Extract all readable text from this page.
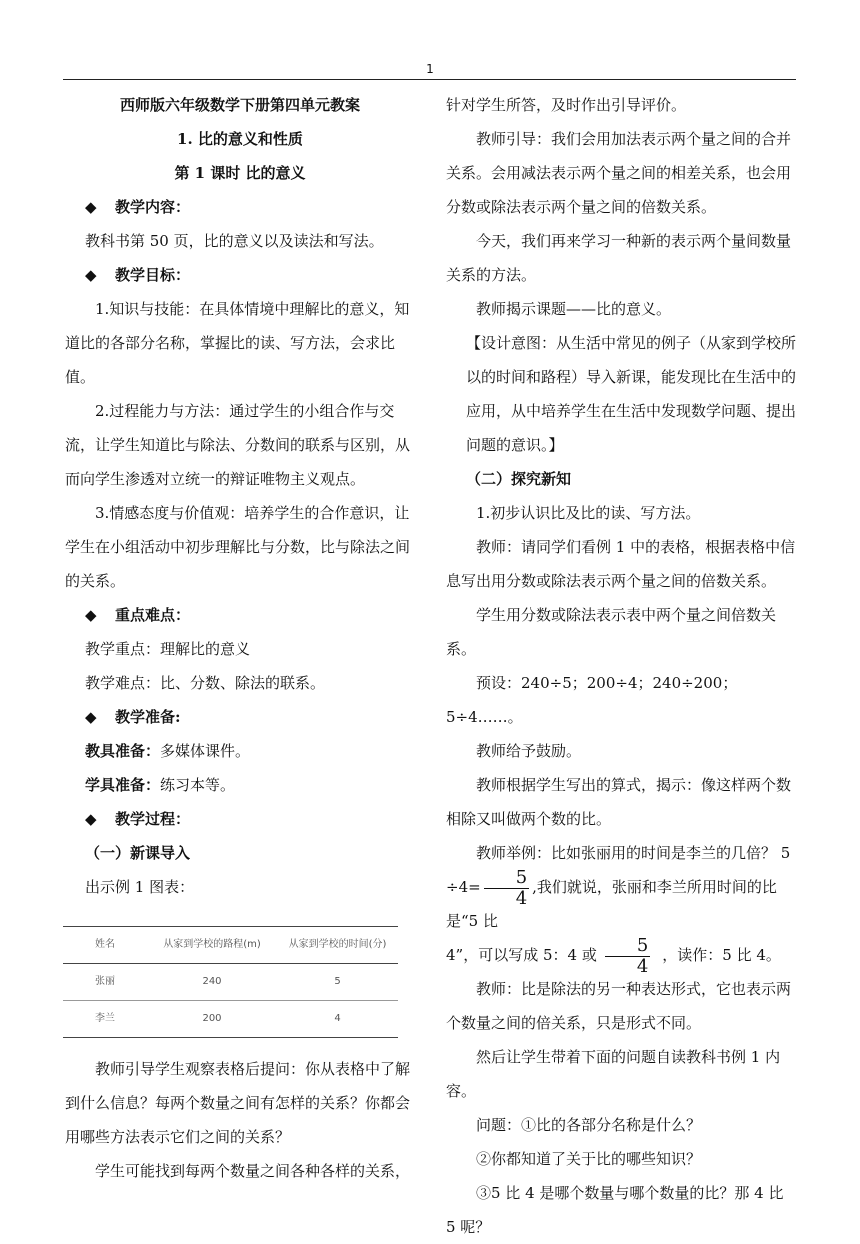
1

西师版六年级数学下册第四单元教案

1. 比的意义和性质

第 1 课时 比的意义

◆ 教学内容：

教科书第 50 页，比的意义以及读法和写法。

◆ 教学目标：

1.知识与技能：在具体情境中理解比的意义，知道比的各部分名称，掌握比的读、写方法，会求比值。

2.过程能力与方法：通过学生的小组合作与交流，让学生知道比与除法、分数间的联系与区别，从而向学生渗透对立统一的辩证唯物主义观点。

3.情感态度与价值观：培养学生的合作意识，让学生在小组活动中初步理解比与分数，比与除法之间的关系。

◆ 重点难点：

教学重点：理解比的意义

教学难点：比、分数、除法的联系。

◆ 教学准备:

教具准备：多媒体课件。

学具准备：练习本等。

◆ 教学过程：

（一）新课导入

出示例 1 图表：

姓名	从家到学校的路程(m)	从家到学校的时间(分)
张丽	240	5
李兰	200	4

教师引导学生观察表格后提问：你从表格中了解到什么信息？每两个数量之间有怎样的关系？你都会用哪些方法表示它们之间的关系？

学生可能找到每两个数量之间各种各样的关系，

针对学生所答，及时作出引导评价。

教师引导：我们会用加法表示两个量之间的合并关系。会用减法表示两个量之间的相差关系，也会用分数或除法表示两个量之间的倍数关系。

今天，我们再来学习一种新的表示两个量间数量关系的方法。

教师揭示课题——比的意义。

【设计意图：从生活中常见的例子（从家到学校所以的时间和路程）导入新课，能发现比在生活中的应用，从中培养学生在生活中发现数学问题、提出问题的意识。】

（二）探究新知

1.初步认识比及比的读、写方法。

教师：请同学们看例 1 中的表格，根据表格中信息写出用分数或除法表示两个量之间的倍数关系。

学生用分数或除法表示表中两个量之间倍数关系。

预设：240÷5；200÷4；240÷200；5÷4……。

教师给予鼓励。

教师根据学生写出的算式，揭示：像这样两个数相除又叫做两个数的比。

教师举例：比如张丽用的时间是李兰的几倍？ 5
$\div 4= \frac{5}{4}$ ,我们就说，张丽和李兰所用时间的比是“5 比
4”，可以写成 5：4 或 $\frac{5}{4}$ ，读作：5 比 4。

教师：比是除法的另一种表达形式，它也表示两个数量之间的倍关系，只是形式不同。

然后让学生带着下面的问题自读教科书例 1 内容。

问题：①比的各部分名称是什么？

②你都知道了关于比的哪些知识？

③5 比 4 是哪个数量与哪个数量的比？那 4 比 5 呢？
